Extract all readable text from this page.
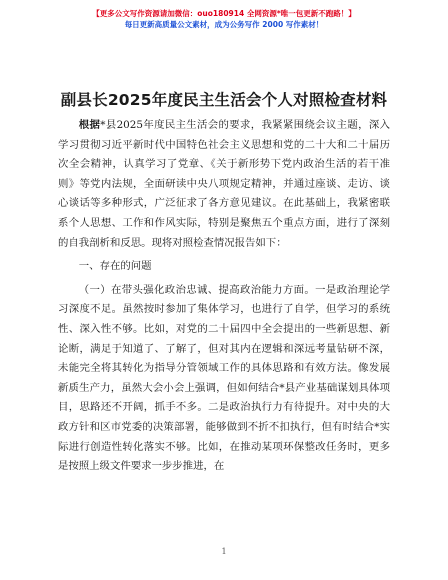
【更多公文写作资源请加微信：ouo180914 全网资源*唯一包更新不跑路！】
每日更新高质量公文素材，成为公务写作 2000 写作素材！
副县长2025年度民主生活会个人对照检查材料

根据*县2025年度民主生活会的要求，我紧紧围绕会议主题，深入学习贯彻习近平新时代中国特色社会主义思想和党的二十大和二十届历次全会精神，认真学习了党章、《关于新形势下党内政治生活的若干准则》等党内法规，全面研读中央八项规定精神，并通过座谈、走访、谈心谈话等多种形式，广泛征求了各方意见建议。在此基础上，我紧密联系个人思想、工作和作风实际，特别是聚焦五个重点方面，进行了深刻的自我剖析和反思。现将对照检查情况报告如下：

一、存在的问题

（一）在带头强化政治忠诚、提高政治能力方面。一是政治理论学习深度不足。虽然按时参加了集体学习，也进行了自学，但学习的系统性、深入性不够。比如，对党的二十届四中全会提出的一些新思想、新论断，满足于知道了、了解了，但对其内在逻辑和深远考量钻研不深，未能完全将其转化为指导分管领域工作的具体思路和有效方法。像发展新质生产力，虽然大会小会上强调，但如何结合*县产业基础谋划具体项目，思路还不开阔，抓手不多。二是政治执行力有待提升。对中央的大政方针和区市党委的决策部署，能够做到不折不扣执行，但有时结合*实际进行创造性转化落实不够。比如，在推动某项环保整改任务时，更多是按照上级文件要求一步步推进，在

1
